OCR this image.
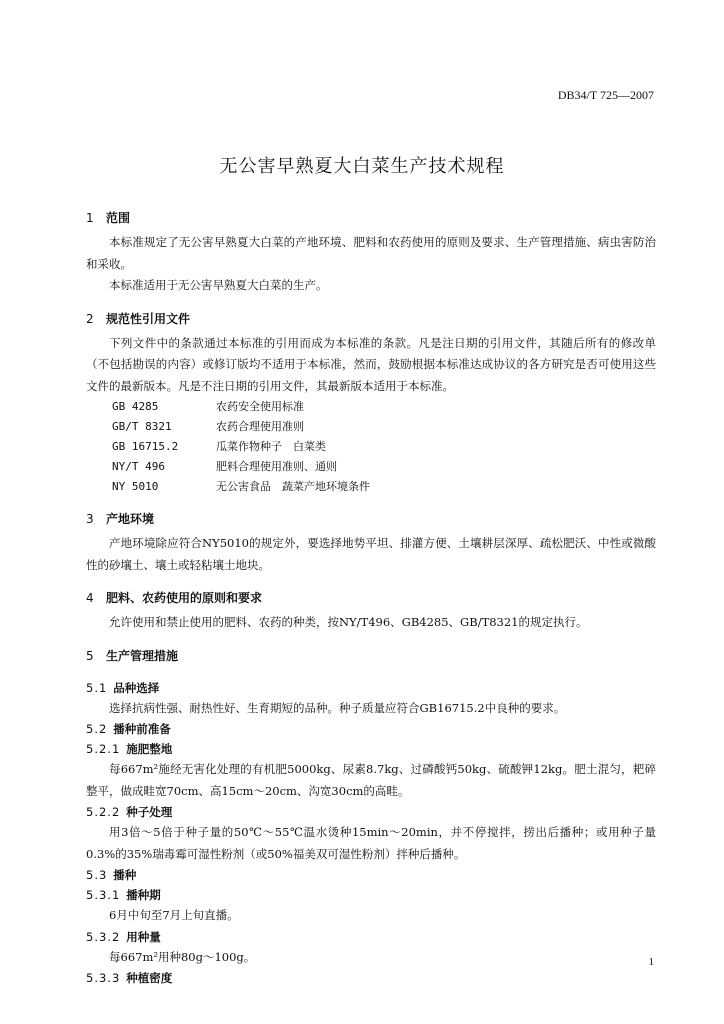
DB34/T 725—2007
无公害早熟夏大白菜生产技术规程
1 范围

本标准规定了无公害早熟夏大白菜的产地环境、肥料和农药使用的原则及要求、生产管理措施、病虫害防治和采收。

本标准适用于无公害早熟夏大白菜的生产。

2 规范性引用文件

下列文件中的条款通过本标准的引用而成为本标准的条款。凡是注日期的引用文件，其随后所有的修改单（不包括勘误的内容）或修订版均不适用于本标准，然而，鼓励根据本标准达成协议的各方研究是否可使用这些文件的最新版本。凡是不注日期的引用文件，其最新版本适用于本标准。

GB 4285	农药安全使用标准
GB/T 8321	农药合理使用准则
GB 16715.2	瓜菜作物种子　白菜类
NY/T 496	肥料合理使用准则、通则
NY 5010	无公害食品　蔬菜产地环境条件
3 产地环境

产地环境除应符合NY5010的规定外，要选择地势平坦、排灌方便、土壤耕层深厚、疏松肥沃、中性或微酸性的砂壤土、壤土或轻粘壤土地块。

4 肥料、农药使用的原则和要求

允许使用和禁止使用的肥料、农药的种类，按NY/T496、GB4285、GB/T8321的规定执行。

5 生产管理措施
5.1 品种选择

选择抗病性强、耐热性好、生育期短的品种。种子质量应符合GB16715.2中良种的要求。

5.2 播种前准备
5.2.1 施肥整地

每667m²施经无害化处理的有机肥5000kg、尿素8.7kg、过磷酸钙50kg、硫酸钾12kg。肥土混匀，耙碎整平，做成畦宽70cm、高15cm～20cm、沟宽30cm的高畦。

5.2.2 种子处理

用3倍～5倍于种子量的50℃～55℃温水烫种15min～20min，并不停搅拌，捞出后播种；或用种子量0.3%的35%瑞毒霉可湿性粉剂（或50%福美双可湿性粉剂）拌种后播种。

5.3 播种
5.3.1 播种期

6月中旬至7月上旬直播。

5.3.2 用种量

每667m²用种80g～100g。

5.3.3 种植密度
1
